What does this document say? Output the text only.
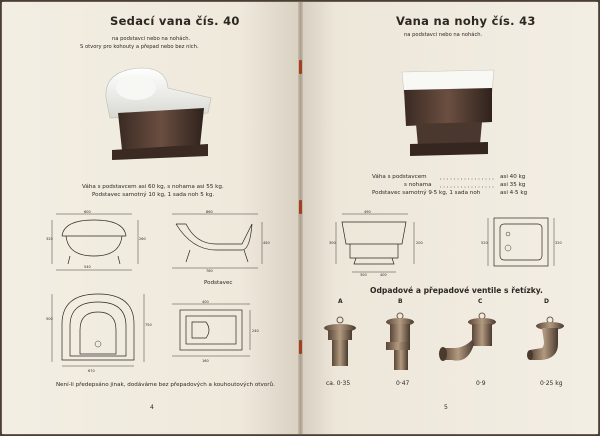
Sedací vana čís. 40
na podstavci nebo na nohách.
S otvory pro kohouty a přepad nebo bez nich.
Váha s podstavcem asi 60 kg, s nohama asi 55 kg.
Podstavec samotný 10 kg, 1 sada noh 5 kg.
600
540
320	260
860
760
450
Podstavec
500
670
750
400
240
160
Není-li předepsáno jinak, dodáváme bez přepadových a kouhoutových otvorů.
4
Vana na nohy čís. 43
na podstavci nebo na nohách.
Váha s podstavcem	asi 40 kg
s nohama	asi 35 kg
Podstavec samotný 9·5 kg, 1 sada noh	asi 4·5 kg
490
300	200
300	400
520	320
Odpadové a přepadové ventile s řetízky.
A	B	C	D
ca. 0·35	0·47	0·9	0·25 kg
5
